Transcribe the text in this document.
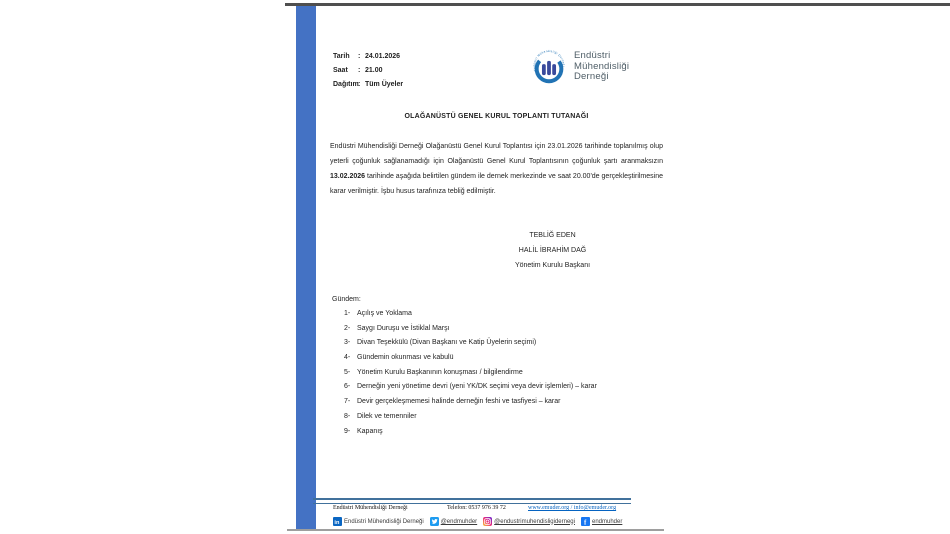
Tarih	: 24.01.2026
Saat	: 21.00
Dağıtım : Tüm Üyeler
Endüstri Mühendisliği Derneği
Endüstri
Mühendisliği
Derneği
OLAĞANÜSTÜ GENEL KURUL TOPLANTI TUTANAĞI
Endüstri Mühendisliği Derneği Olağanüstü Genel Kurul Toplantısı için 23.01.2026 tarihinde toplanılmış olup yeterli çoğunluk sağlanamadığı için Olağanüstü Genel Kurul Toplantısının çoğunluk şartı aranmaksızın 13.02.2026 tarihinde aşağıda belirtilen gündem ile dernek merkezinde ve saat 20.00'de gerçekleştirilmesine karar verilmiştir. İşbu husus tarafınıza tebliğ edilmiştir.
TEBLİĞ EDEN
HALİL İBRAHİM DAĞ
Yönetim Kurulu Başkanı
Gündem:
1- Açılış ve Yoklama
2- Saygı Duruşu ve İstiklal Marşı
3- Divan Teşekkülü (Divan Başkanı ve Katip Üyelerin seçimi)
4- Gündemin okunması ve kabulü
5- Yönetim Kurulu Başkanının konuşması / bilgilendirme
6- Derneğin yeni yönetime devri (yeni YK/DK seçimi veya devir işlemleri) – karar
7- Devir gerçekleşmemesi halinde derneğin feshi ve tasfiyesi – karar
8- Dilek ve temenniler
9- Kapanış
Endüstri Mühendisliği Derneği	Telefon: 0537 976 39 72	www.emuder.org / info@emuder.org
in Endüstri Mühendisliği Derneği	@endmuhder	@endustrimuhendisligidernegi f endmuhder
